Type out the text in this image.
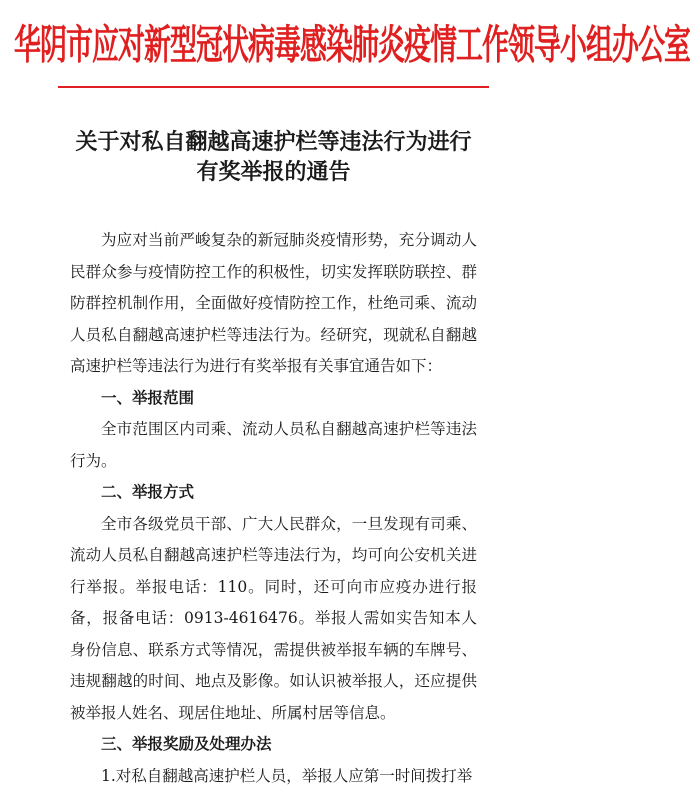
华阴市应对新型冠状病毒感染肺炎疫情工作领导小组办公室
关于对私自翻越高速护栏等违法行为进行
有奖举报的通告

为应对当前严峻复杂的新冠肺炎疫情形势，充分调动人民群众参与疫情防控工作的积极性，切实发挥联防联控、群防群控机制作用，全面做好疫情防控工作，杜绝司乘、流动人员私自翻越高速护栏等违法行为。经研究，现就私自翻越高速护栏等违法行为进行有奖举报有关事宜通告如下：

一、举报范围

全市范围区内司乘、流动人员私自翻越高速护栏等违法行为。

二、举报方式

全市各级党员干部、广大人民群众，一旦发现有司乘、流动人员私自翻越高速护栏等违法行为，均可向公安机关进行举报。举报电话：110。同时，还可向市应疫办进行报备，报备电话：0913-4616476。举报人需如实告知本人身份信息、联系方式等情况，需提供被举报车辆的车牌号、违规翻越的时间、地点及影像。如认识被举报人，还应提供被举报人姓名、现居住地址、所属村居等信息。

三、举报奖励及处理办法

1.对私自翻越高速护栏人员，举报人应第一时间拨打举
